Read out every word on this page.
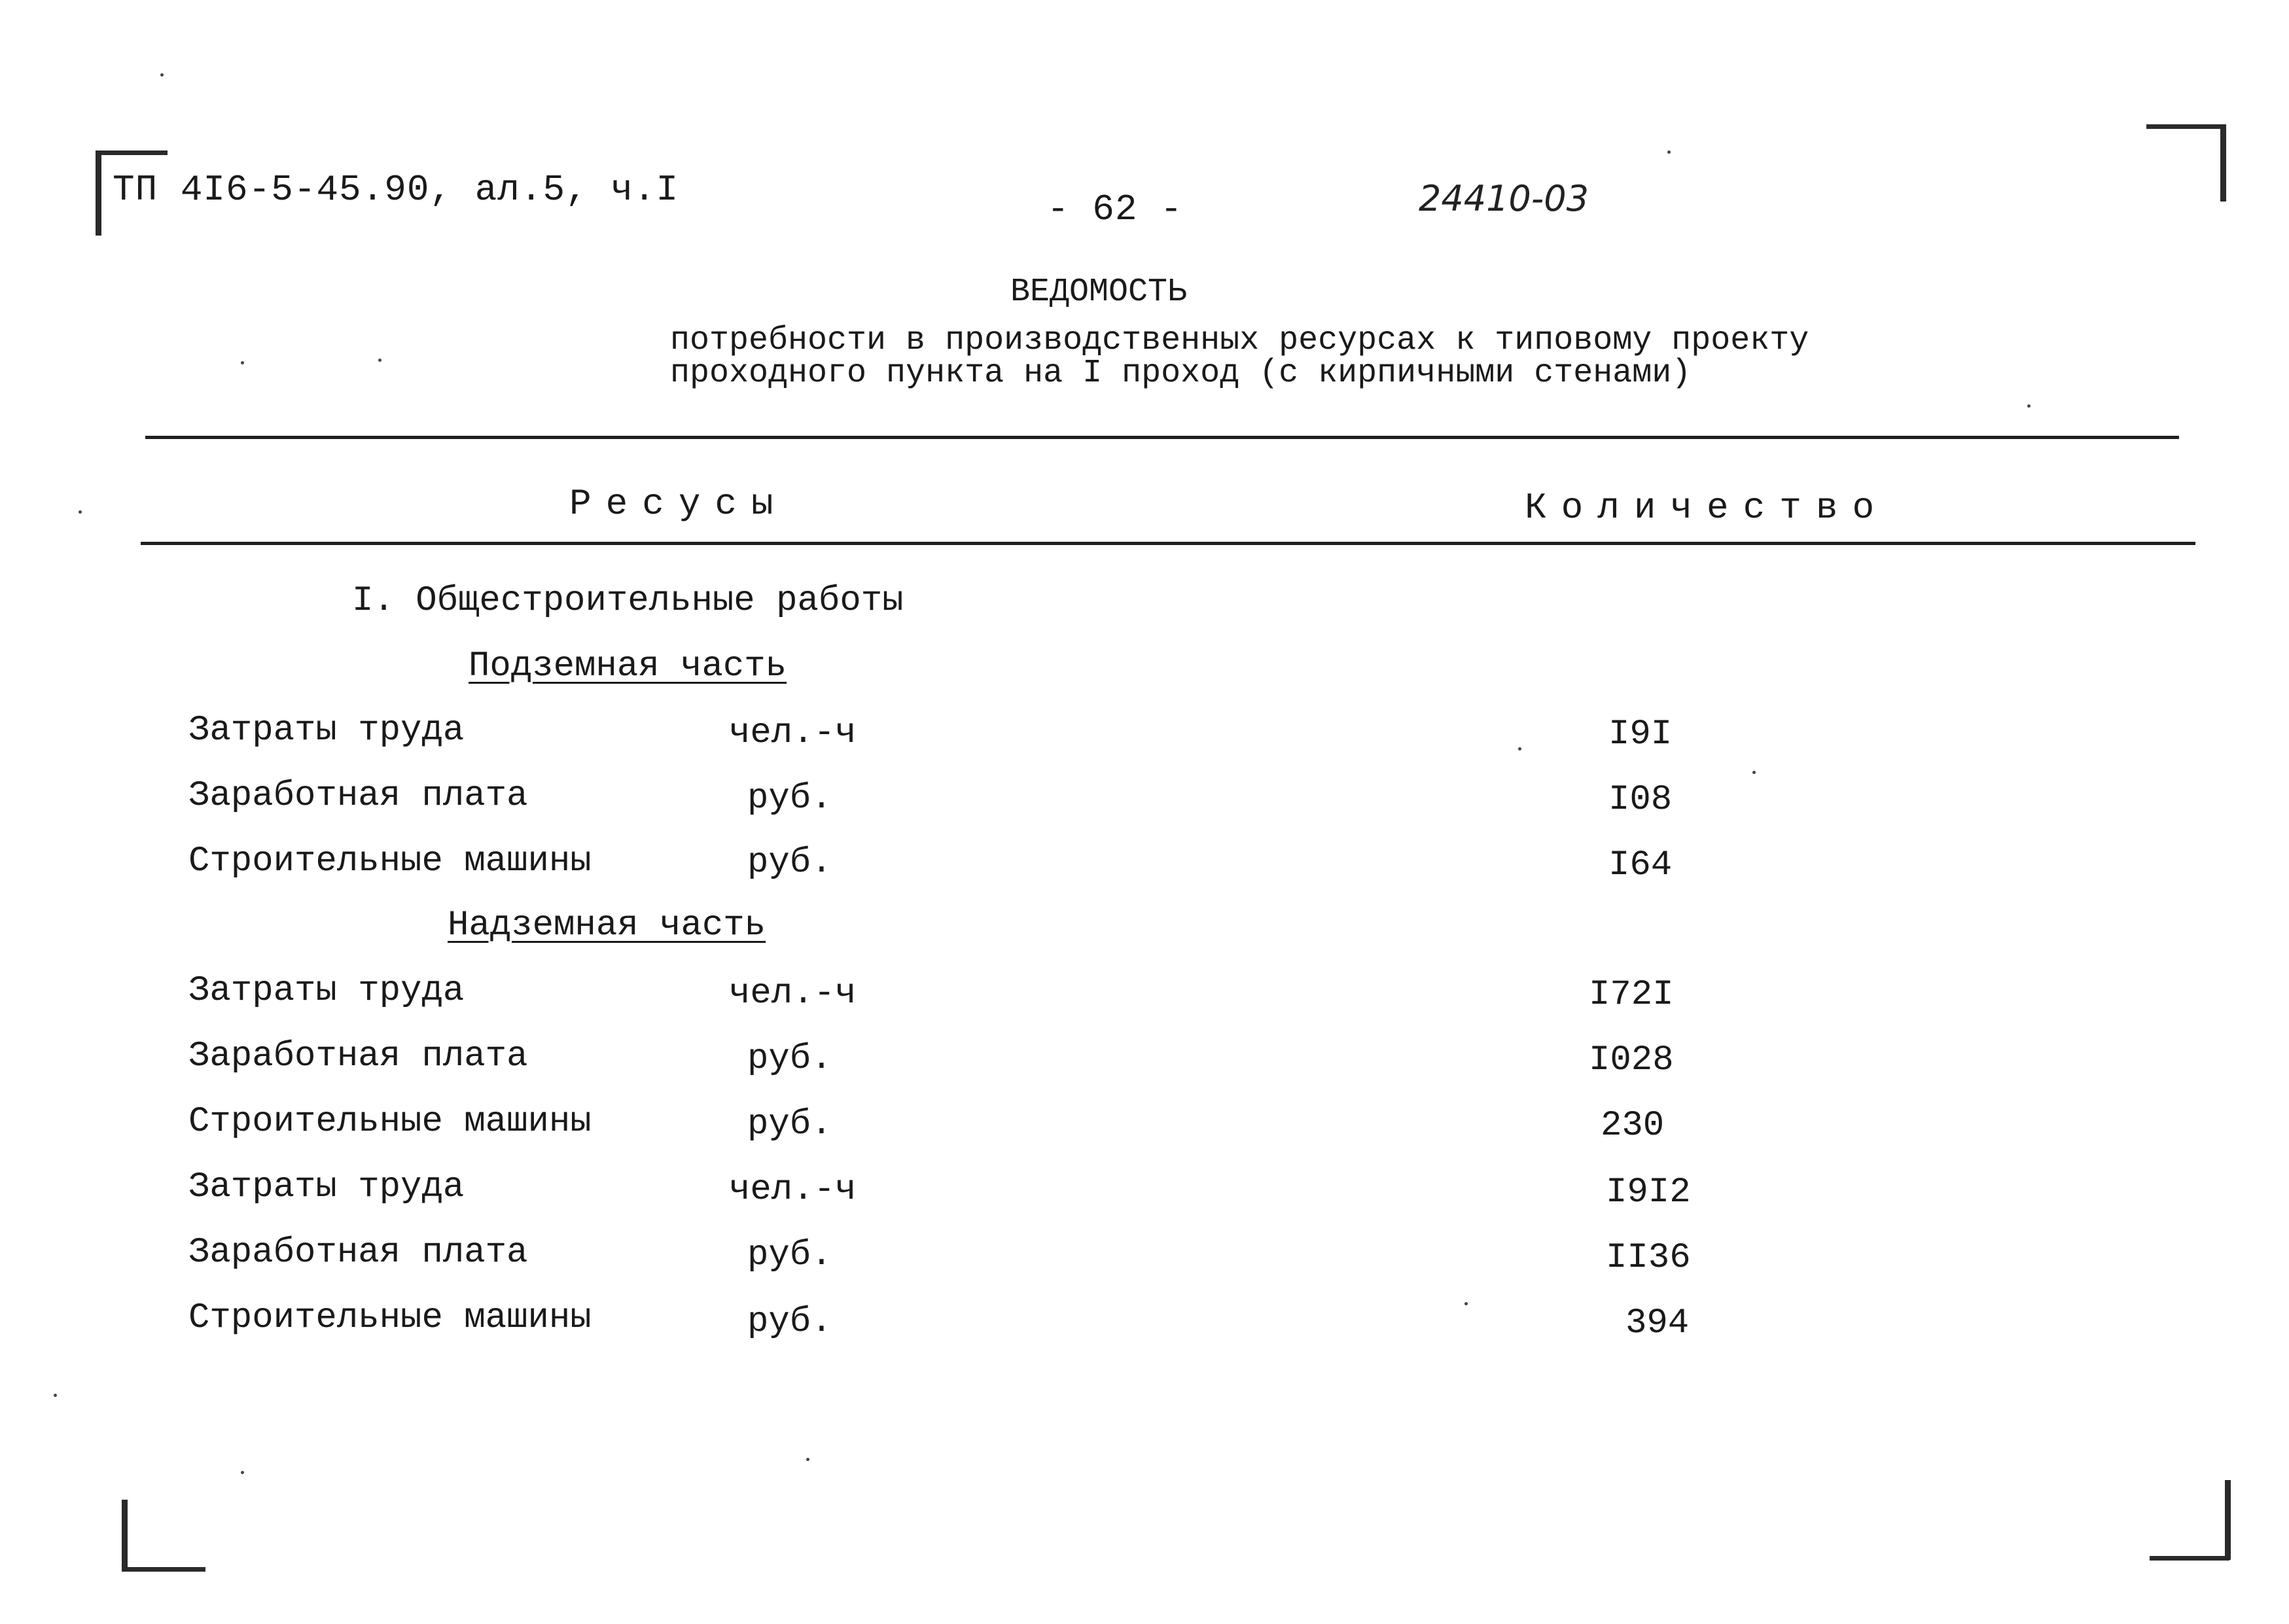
ТП 4I6-5-45.90, ал.5, ч.I	- 62 -	24410-03
ВЕДОМОСТЬ
потребности в производственных ресурсах к типовому проекту
проходного пункта на I проход (с кирпичными стенами)
Ресусы	Количество
I. Общестроительные работы
Подземная часть
Затраты труда	чел.-ч	I9I
Заработная плата	руб.	I08
Строительные машины	руб.	I64
Надземная часть
Затраты труда	чел.-ч	I72I
Заработная плата	руб.	I028
Строительные машины	руб.	230
Затраты труда	чел.-ч	I9I2
Заработная плата	руб.	II36
Строительные машины	руб.	394
